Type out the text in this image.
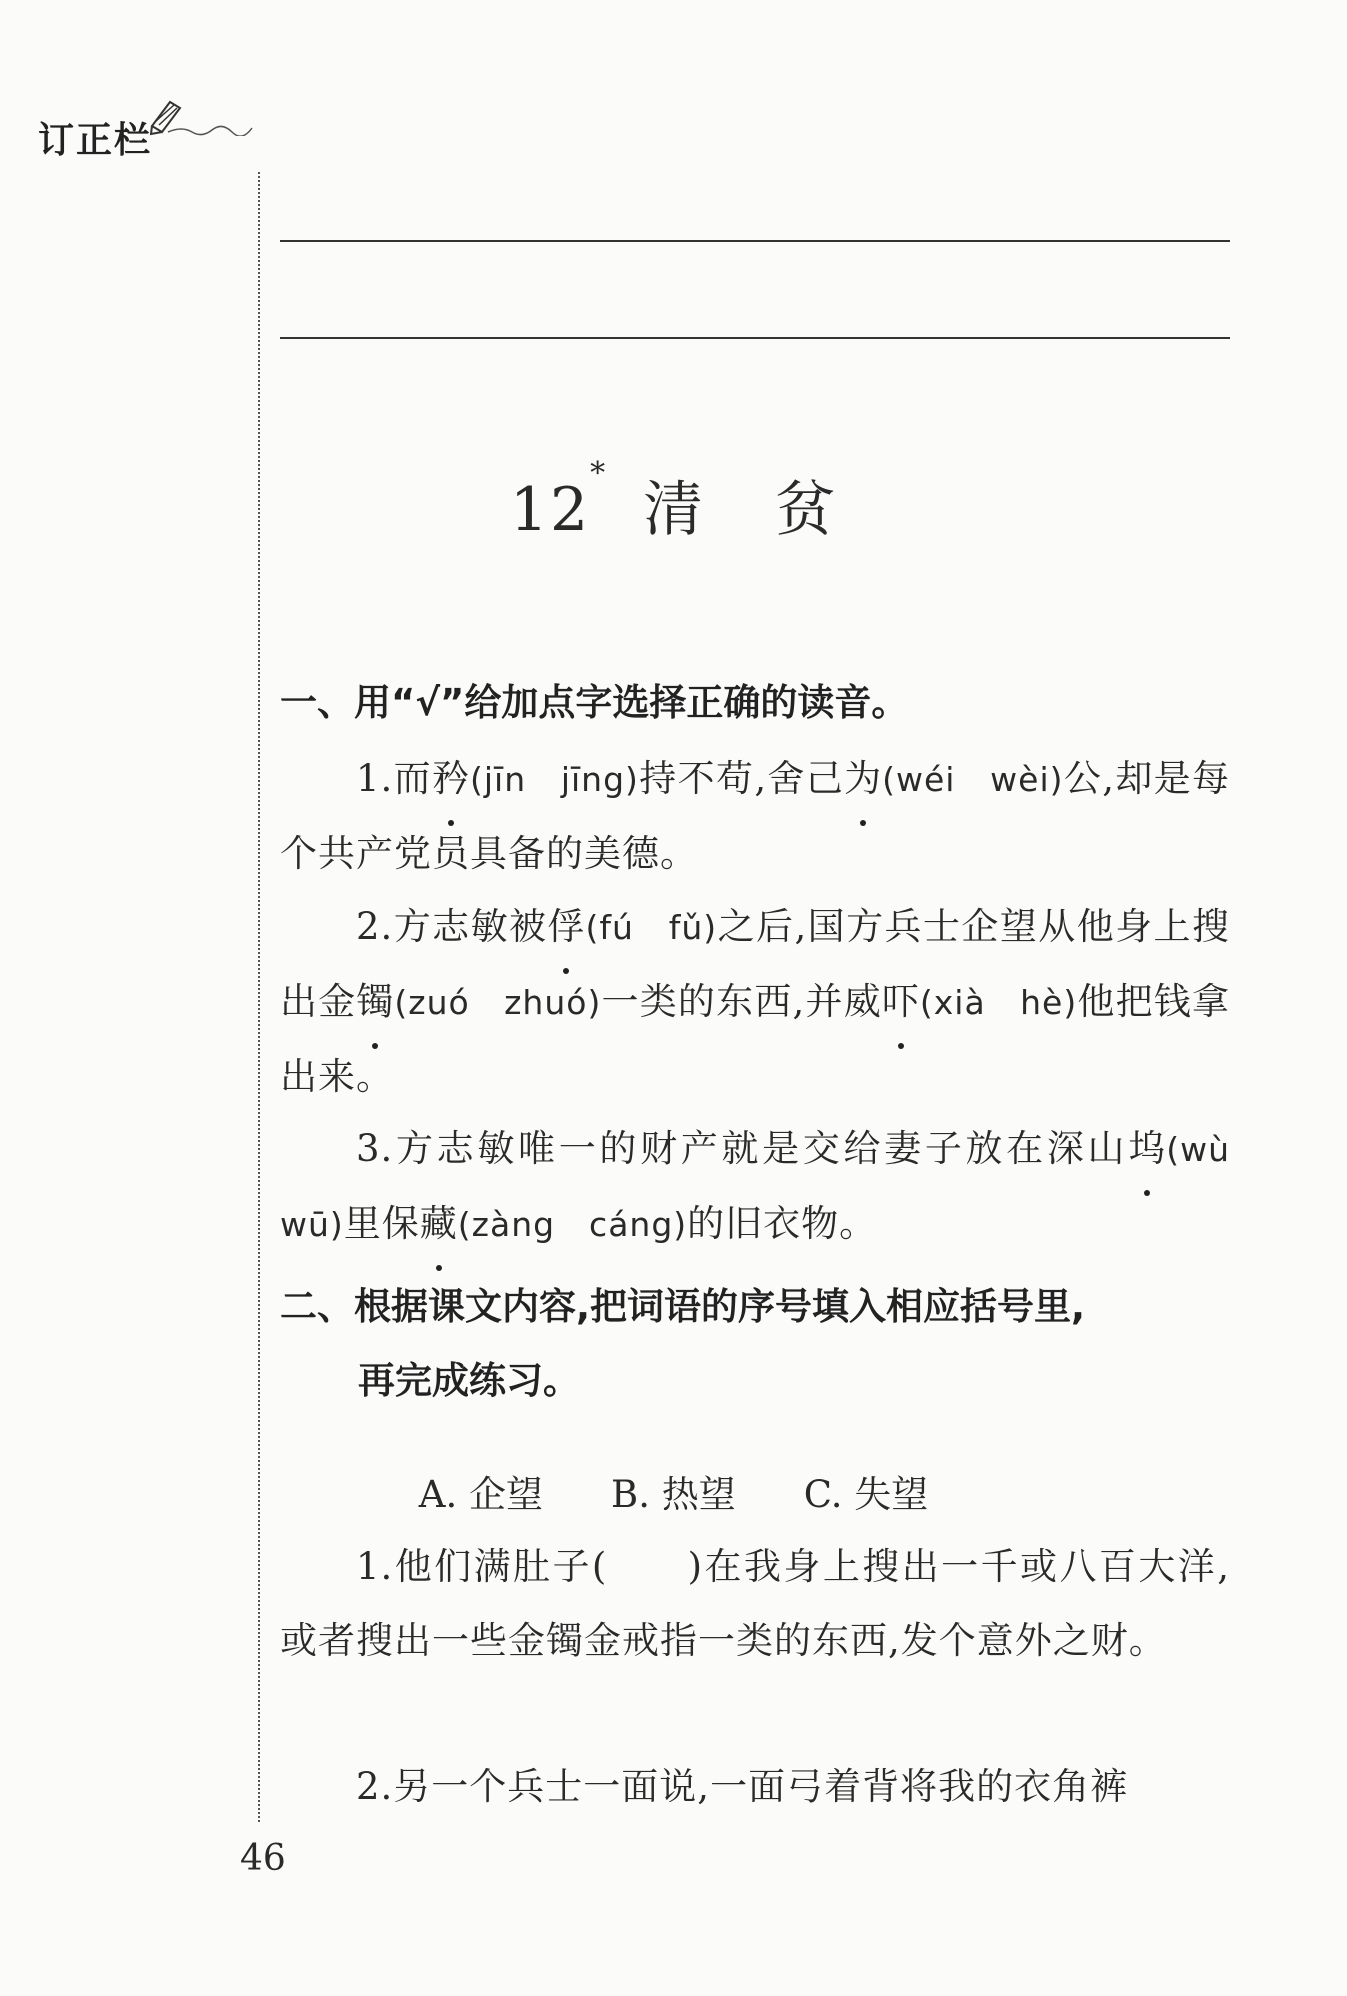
订正栏
12*清 贫
一、用“√”给加点字选择正确的读音。
1.而矜(jīn　jīng)持不苟,舍己为(wéi　wèi)公,却是每个共产党员具备的美德。
2.方志敏被俘(fú　fǔ)之后,国方兵士企望从他身上搜出金镯(zuó　zhuó)一类的东西,并威吓(xià　hè)他把钱拿出来。
3.方志敏唯一的财产就是交给妻子放在深山坞(wù　wū)里保藏(zàng　cáng)的旧衣物。
二、根据课文内容,把词语的序号填入相应括号里,
再完成练习。
A. 企望 B. 热望 C. 失望
1.他们满肚子(　　)在我身上搜出一千或八百大洋,或者搜出一些金镯金戒指一类的东西,发个意外之财。
2.另一个兵士一面说,一面弓着背将我的衣角裤
46
